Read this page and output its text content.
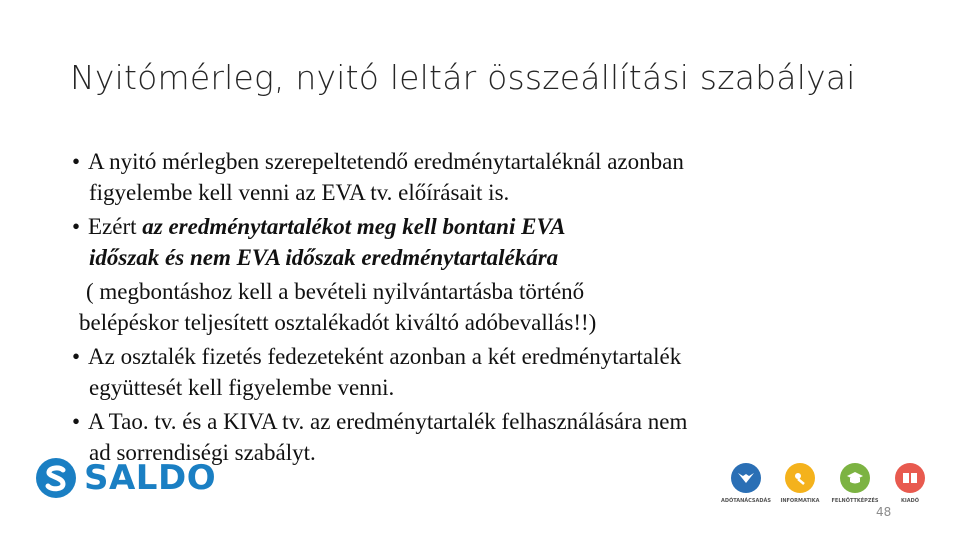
Nyitómérleg, nyitó leltár összeállítási szabályai
• A nyitó mérlegben szerepeltetendő eredménytartaléknál azonban
figyelembe kell venni az EVA tv. előírásait is.
• Ezért az eredménytartalékot meg kell bontani EVA
időszak és nem EVA időszak eredménytartalékára
( megbontáshoz kell a bevételi nyilvántartásba történő
belépéskor teljesített osztalékadót kiváltó adóbevallás!!)
• Az osztalék fizetés fedezeteként azonban a két eredménytartalék
együttesét kell figyelembe venni.
• A Tao. tv. és a KIVA tv. az eredménytartalék felhasználására nem
ad sorrendiségi szabályt.
SALDO
ADÓTANÁCSADÁS	INFORMATIKA	FELNŐTTKÉPZÉS	KIADÓ
48
